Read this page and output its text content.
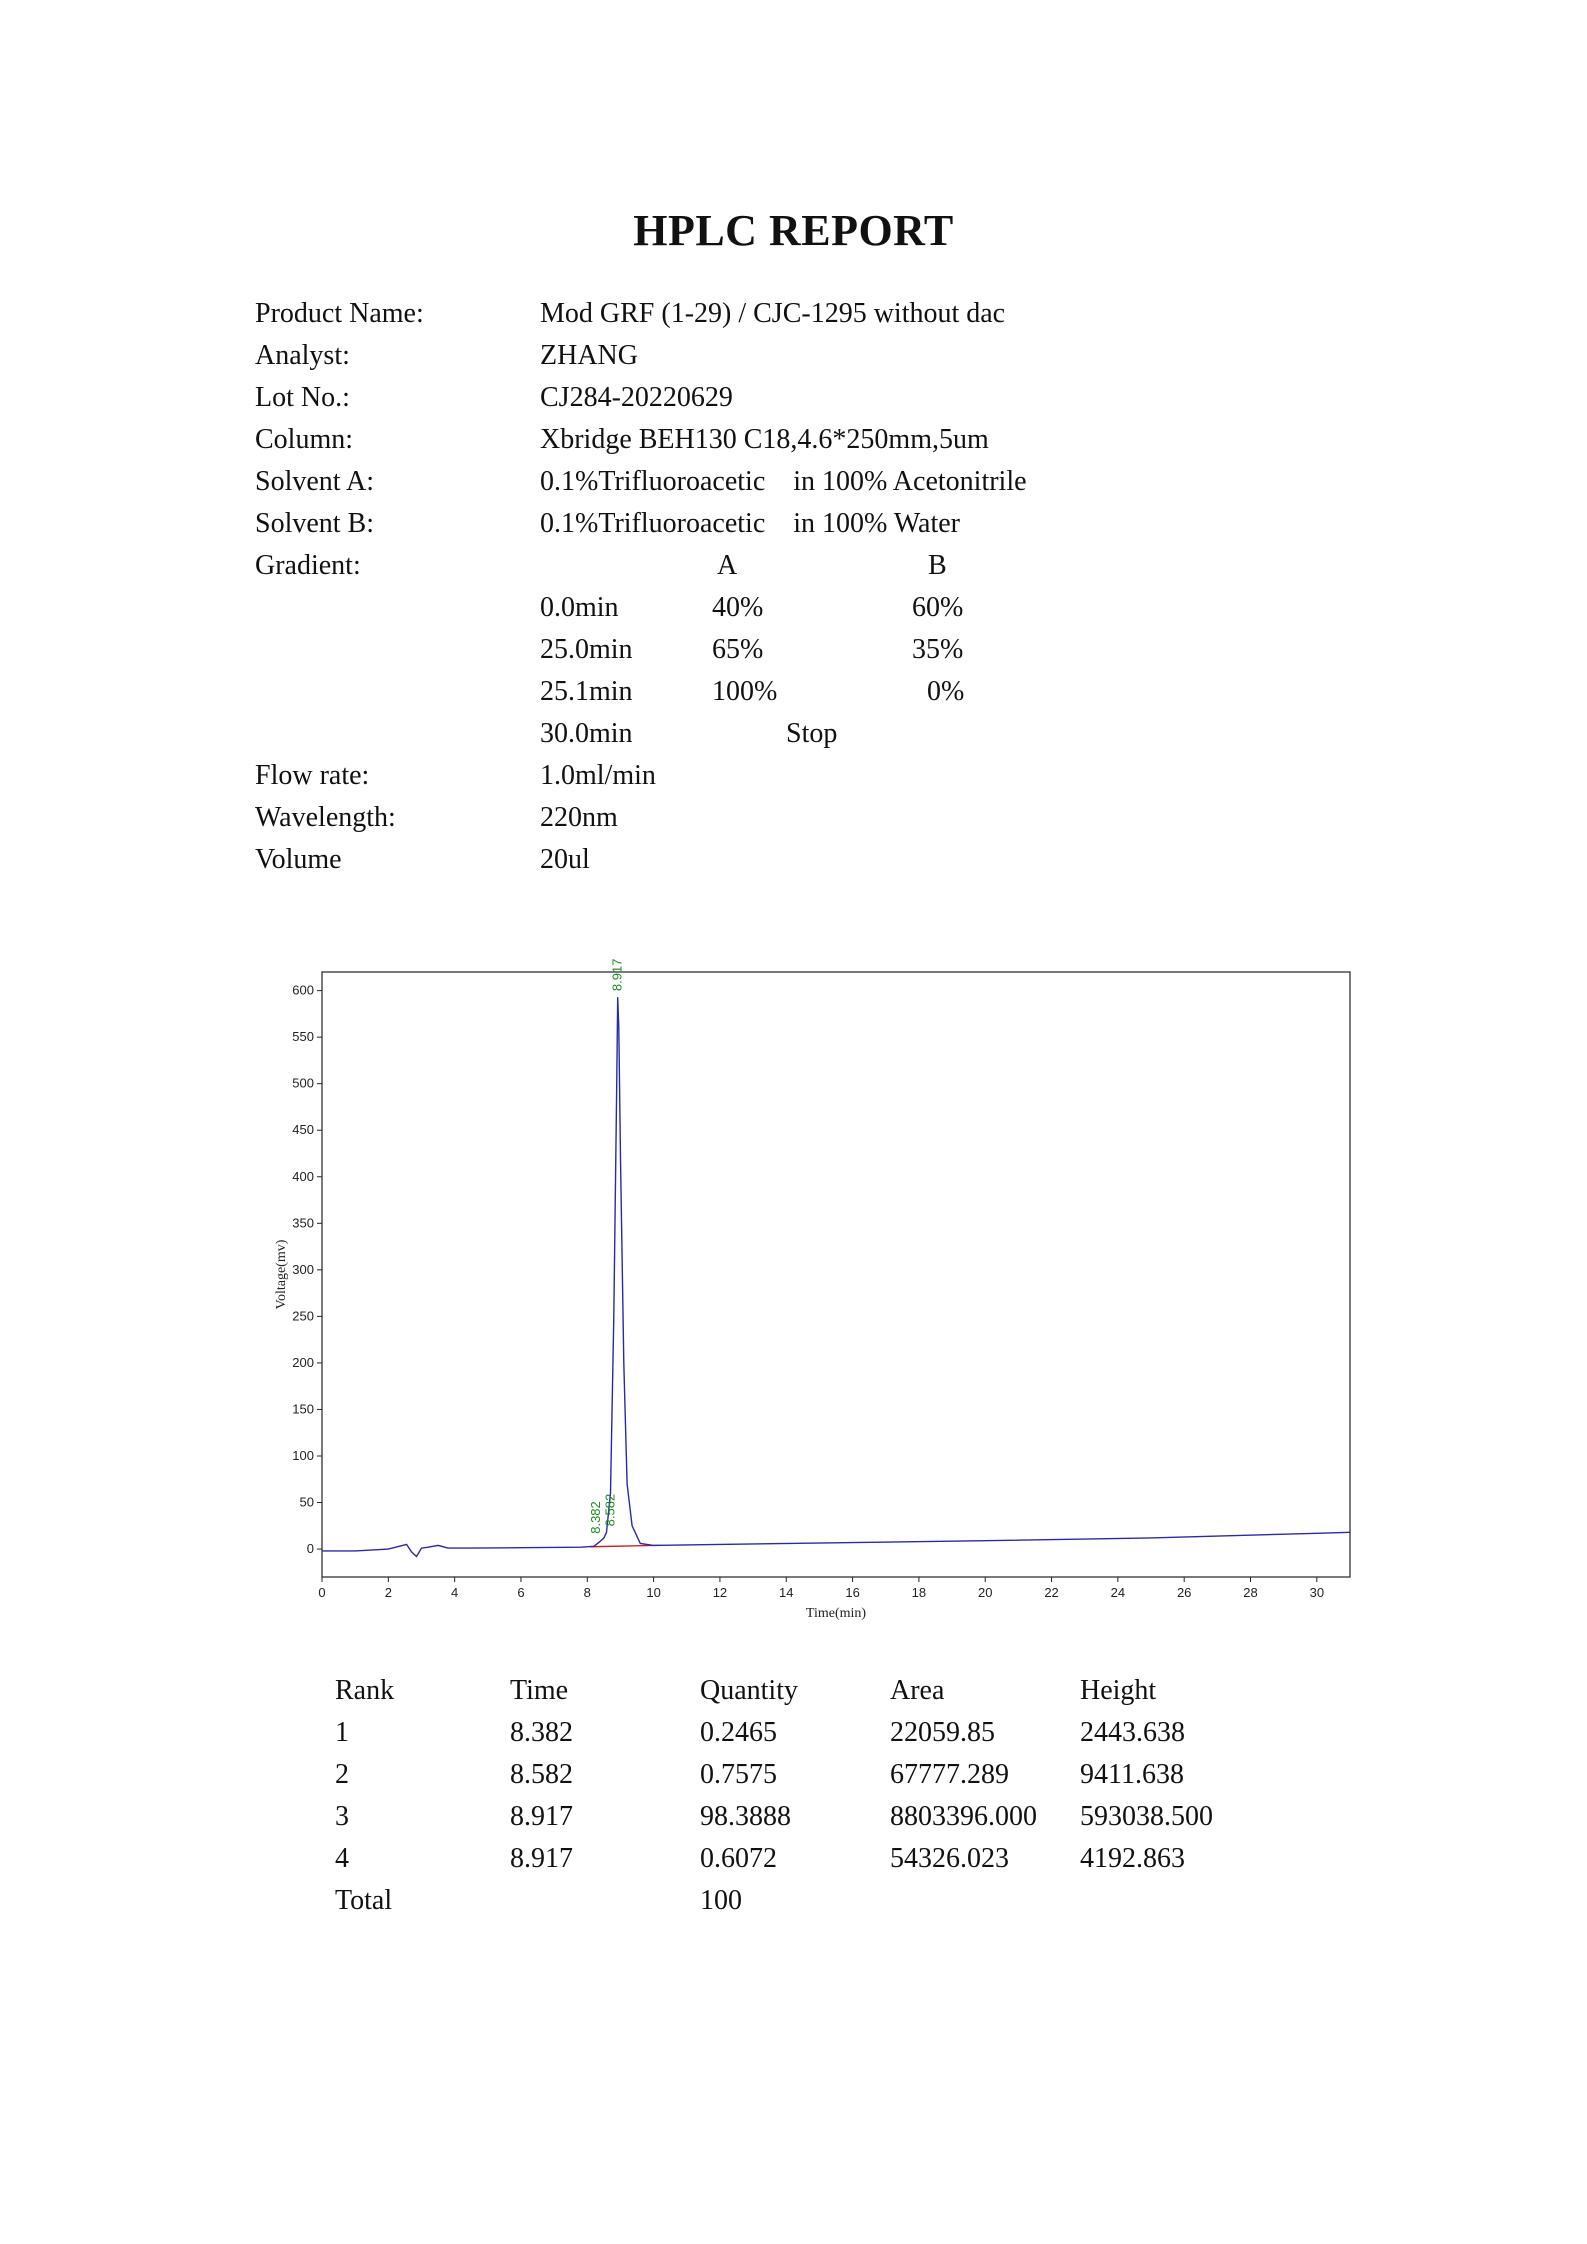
HPLC REPORT
Product Name:	Mod GRF (1-29) / CJC-1295 without dac
Analyst:	ZHANG
Lot No.:	CJ284-20220629
Column:	Xbridge BEH130 C18,4.6*250mm,5um
Solvent A:	0.1%Trifluoroacetic    in 100% Acetonitrile
Solvent B:	0.1%Trifluoroacetic    in 100% Water
Gradient:	A	B
0.0min	40%	60%
25.0min	65%	35%
25.1min	100%	0%
30.0min	Stop
Flow rate:	1.0ml/min
Wavelength:	220nm
Volume	20ul
0
50
100
150
200
250
300
350
400
450
500
550
600
0	2	4	6	8	10	12	14	16	18	20	22	24	26	28	30
8.382 8.582
8.917
Time(min)
Voltage(mv)
Rank	Time	Quantity	Area	Height
1	8.382	0.2465	22059.85	2443.638
2	8.582	0.7575	67777.289	9411.638
3	8.917	98.3888	8803396.000 593038.500
4	8.917	0.6072	54326.023	4192.863
Total	100
